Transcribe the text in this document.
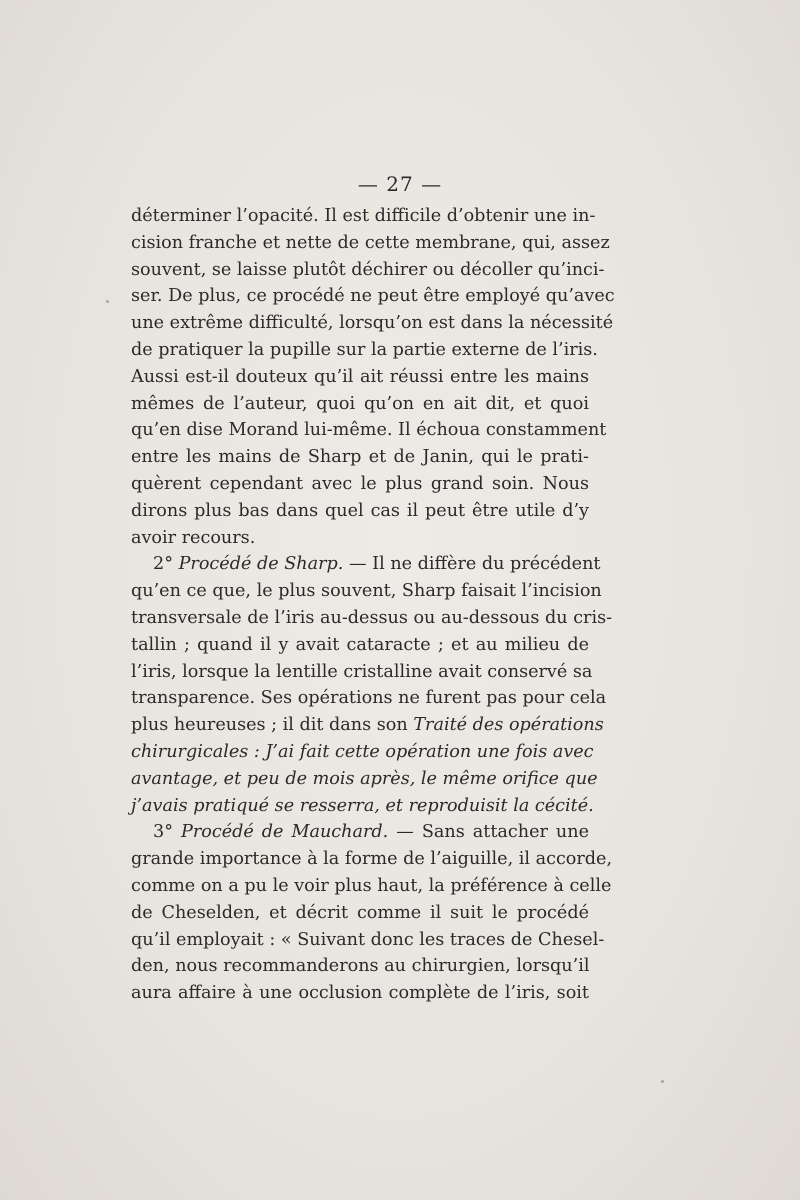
— 27 —
déterminer l’opacité. Il est difficile d’obtenir une in-
cision franche et nette de cette membrane, qui, assez
souvent, se laisse plutôt déchirer ou décoller qu’inci-
ser. De plus, ce procédé ne peut être employé qu’avec
une extrême difficulté, lorsqu’on est dans la nécessité
de pratiquer la pupille sur la partie externe de l’iris.
Aussi est-il douteux qu’il ait réussi entre les mains
mêmes de l’auteur, quoi qu’on en ait dit, et quoi
qu’en dise Morand lui-même. Il échoua constamment
entre les mains de Sharp et de Janin, qui le prati-
quèrent cependant avec le plus grand soin. Nous
dirons plus bas dans quel cas il peut être utile d’y
avoir recours.
2° Procédé de Sharp. — Il ne diffère du précédent
qu’en ce que, le plus souvent, Sharp faisait l’incision
transversale de l’iris au-dessus ou au-dessous du cris-
tallin ; quand il y avait cataracte ; et au milieu de
l’iris, lorsque la lentille cristalline avait conservé sa
transparence. Ses opérations ne furent pas pour cela
plus heureuses ; il dit dans son Traité des opérations
chirurgicales : J’ai fait cette opération une fois avec
avantage, et peu de mois après, le même orifice que
j’avais pratiqué se resserra, et reproduisit la cécité.
3° Procédé de Mauchard. — Sans attacher une
grande importance à la forme de l’aiguille, il accorde,
comme on a pu le voir plus haut, la préférence à celle
de Cheselden, et décrit comme il suit le procédé
qu’il employait : « Suivant donc les traces de Chesel-
den, nous recommanderons au chirurgien, lorsqu’il
aura affaire à une occlusion complète de l’iris, soit
